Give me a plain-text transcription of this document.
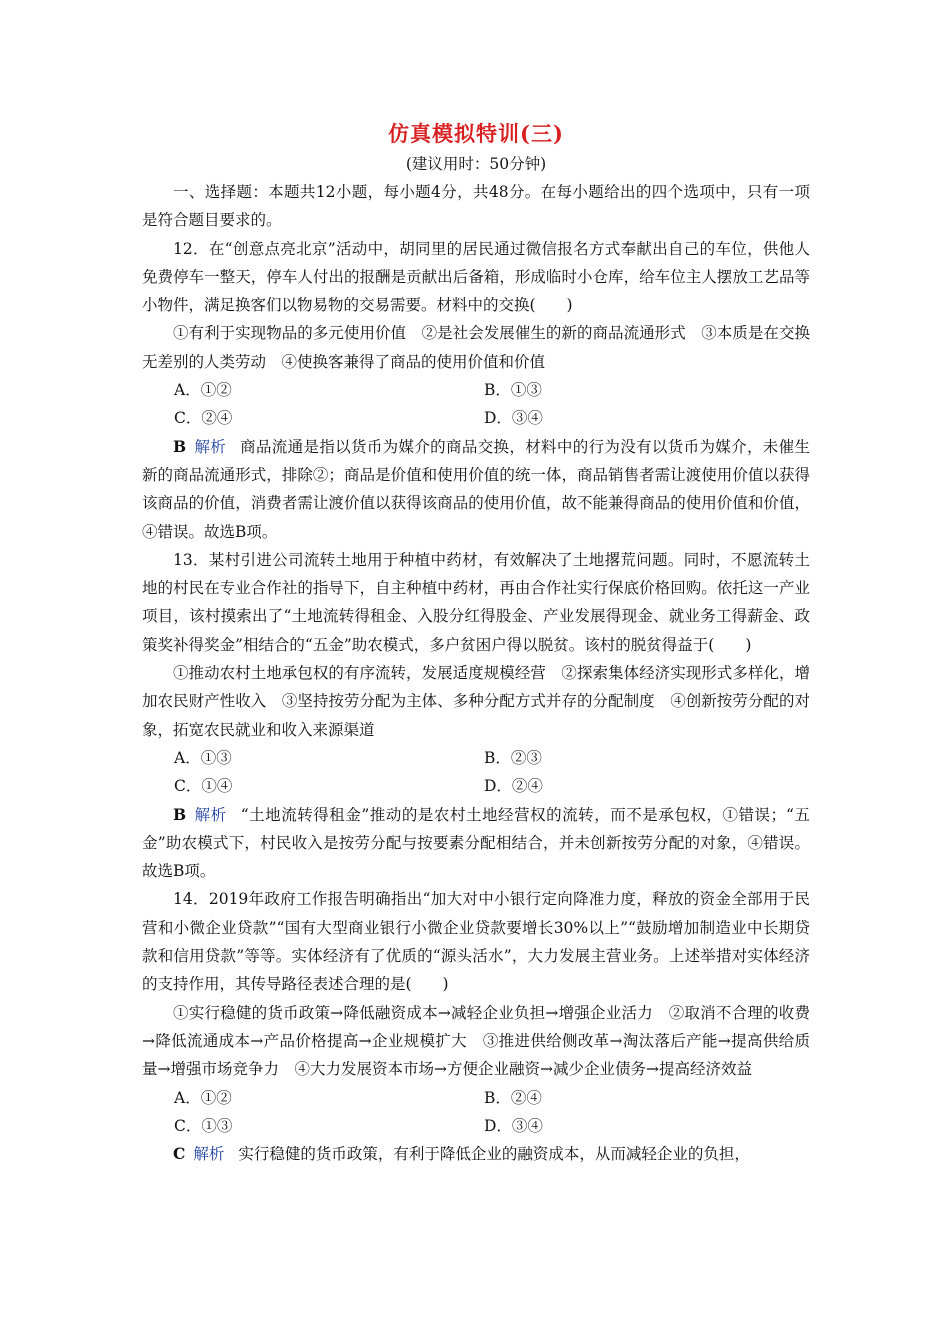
仿真模拟特训(三)
(建议用时：50分钟)

一、选择题：本题共12小题，每小题4分，共48分。在每小题给出的四个选项中，只有一项是符合题目要求的。

12．在“创意点亮北京”活动中，胡同里的居民通过微信报名方式奉献出自己的车位，供他人免费停车一整天，停车人付出的报酬是贡献出后备箱，形成临时小仓库，给车位主人摆放工艺品等小物件，满足换客们以物易物的交易需要。材料中的交换(　　)

①有利于实现物品的多元使用价值　②是社会发展催生的新的商品流通形式　③本质是在交换无差别的人类劳动　④使换客兼得了商品的使用价值和价值

A．①②	B．①③
C．②④	D．③④

B 解析 商品流通是指以货币为媒介的商品交换，材料中的行为没有以货币为媒介，未催生新的商品流通形式，排除②；商品是价值和使用价值的统一体，商品销售者需让渡使用价值以获得该商品的价值，消费者需让渡价值以获得该商品的使用价值，故不能兼得商品的使用价值和价值，④错误。故选B项。

13．某村引进公司流转土地用于种植中药材，有效解决了土地撂荒问题。同时，不愿流转土地的村民在专业合作社的指导下，自主种植中药材，再由合作社实行保底价格回购。依托这一产业项目，该村摸索出了“土地流转得租金、入股分红得股金、产业发展得现金、就业务工得薪金、政策奖补得奖金”相结合的“五金”助农模式，多户贫困户得以脱贫。该村的脱贫得益于(　　)

①推动农村土地承包权的有序流转，发展适度规模经营　②探索集体经济实现形式多样化，增加农民财产性收入　③坚持按劳分配为主体、多种分配方式并存的分配制度　④创新按劳分配的对象，拓宽农民就业和收入来源渠道

A．①③	B．②③
C．①④	D．②④

B 解析 “土地流转得租金”推动的是农村土地经营权的流转，而不是承包权，①错误；“五金”助农模式下，村民收入是按劳分配与按要素分配相结合，并未创新按劳分配的对象，④错误。故选B项。

14．2019年政府工作报告明确指出“加大对中小银行定向降准力度，释放的资金全部用于民营和小微企业贷款”“国有大型商业银行小微企业贷款要增长30%以上”“鼓励增加制造业中长期贷款和信用贷款”等等。实体经济有了优质的“源头活水”，大力发展主营业务。上述举措对实体经济的支持作用，其传导路径表述合理的是(　　)

①实行稳健的货币政策→降低融资成本→减轻企业负担→增强企业活力　②取消不合理的收费→降低流通成本→产品价格提高→企业规模扩大　③推进供给侧改革→淘汰落后产能→提高供给质量→增强市场竞争力　④大力发展资本市场→方便企业融资→减少企业债务→提高经济效益

A．①②	B．②④
C．①③	D．③④

C 解析 实行稳健的货币政策，有利于降低企业的融资成本，从而减轻企业的负担，
